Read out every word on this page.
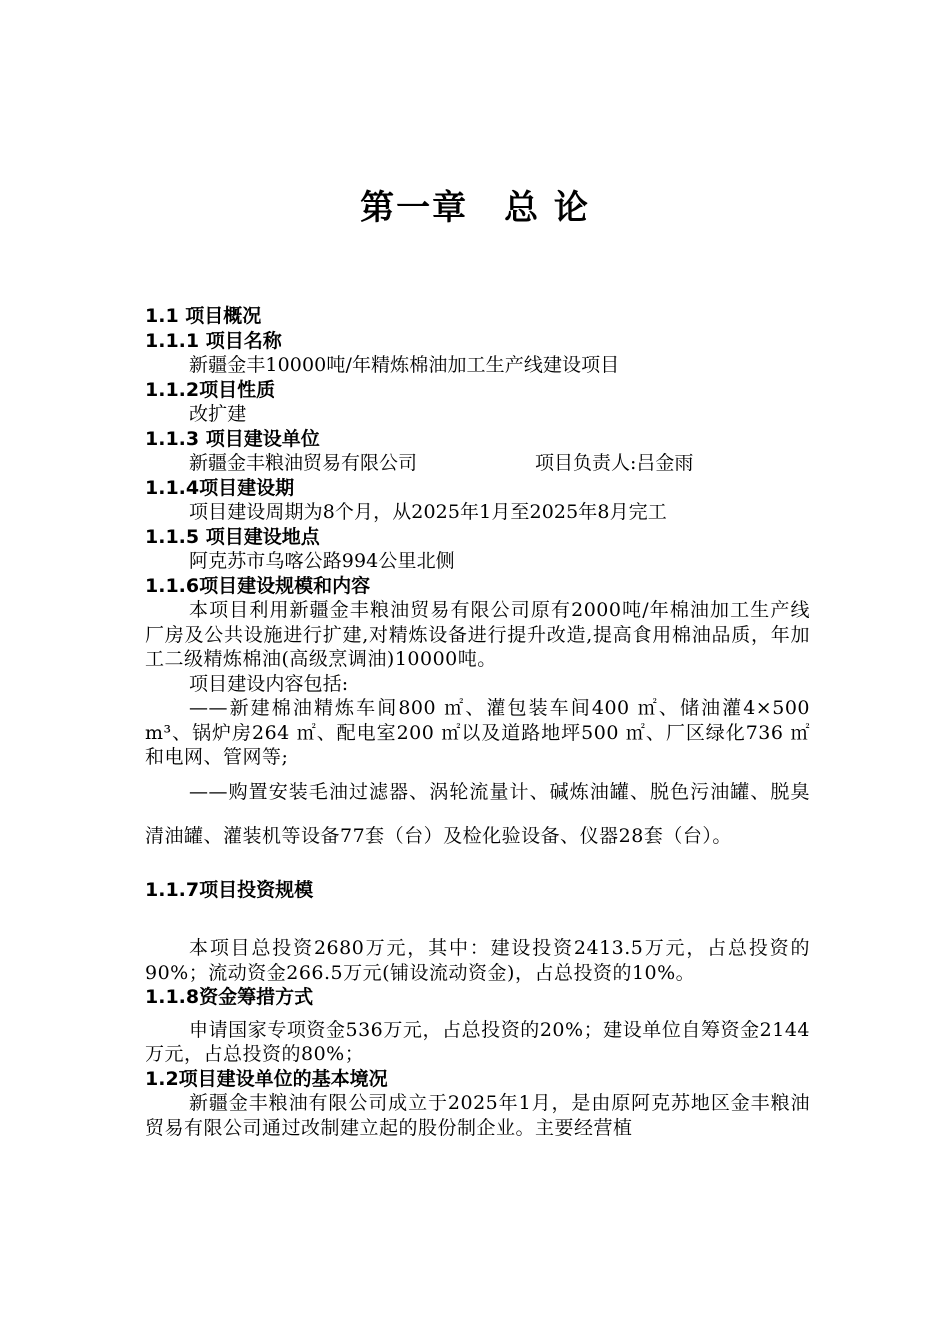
第一章　总 论
1.1 项目概况
1.1.1 项目名称
新疆金丰10000吨/年精炼棉油加工生产线建设项目
1.1.2项目性质
改扩建
1.1.3 项目建设单位
新疆金丰粮油贸易有限公司	项目负责人:吕金雨
1.1.4项目建设期
项目建设周期为8个月，从2025年1月至2025年8月完工
1.1.5 项目建设地点
阿克苏市乌喀公路994公里北侧
1.1.6项目建设规模和内容
本项目利用新疆金丰粮油贸易有限公司原有2000吨/年棉油加工生产线厂房及公共设施进行扩建,对精炼设备进行提升改造,提高食用棉油品质，年加工二级精炼棉油(高级烹调油)10000吨。
项目建设内容包括:
——新建棉油精炼车间800 ㎡、灌包装车间400 ㎡、储油灌4×500 m³、锅炉房264 ㎡、配电室200 ㎡以及道路地坪500 ㎡、厂区绿化736 ㎡和电网、管网等;
——购置安装毛油过滤器、涡轮流量计、碱炼油罐、脱色污油罐、脱臭清油罐、灌装机等设备77套（台）及检化验设备、仪器28套（台）。
1.1.7项目投资规模
本项目总投资2680万元，其中：建设投资2413.5万元，占总投资的90%；流动资金266.5万元(铺设流动资金)，占总投资的10%。
1.1.8资金筹措方式
申请国家专项资金536万元，占总投资的20%；建设单位自筹资金2144万元，占总投资的80%；
1.2项目建设单位的基本境况
新疆金丰粮油有限公司成立于2025年1月，是由原阿克苏地区金丰粮油贸易有限公司通过改制建立起的股份制企业。主要经营植
